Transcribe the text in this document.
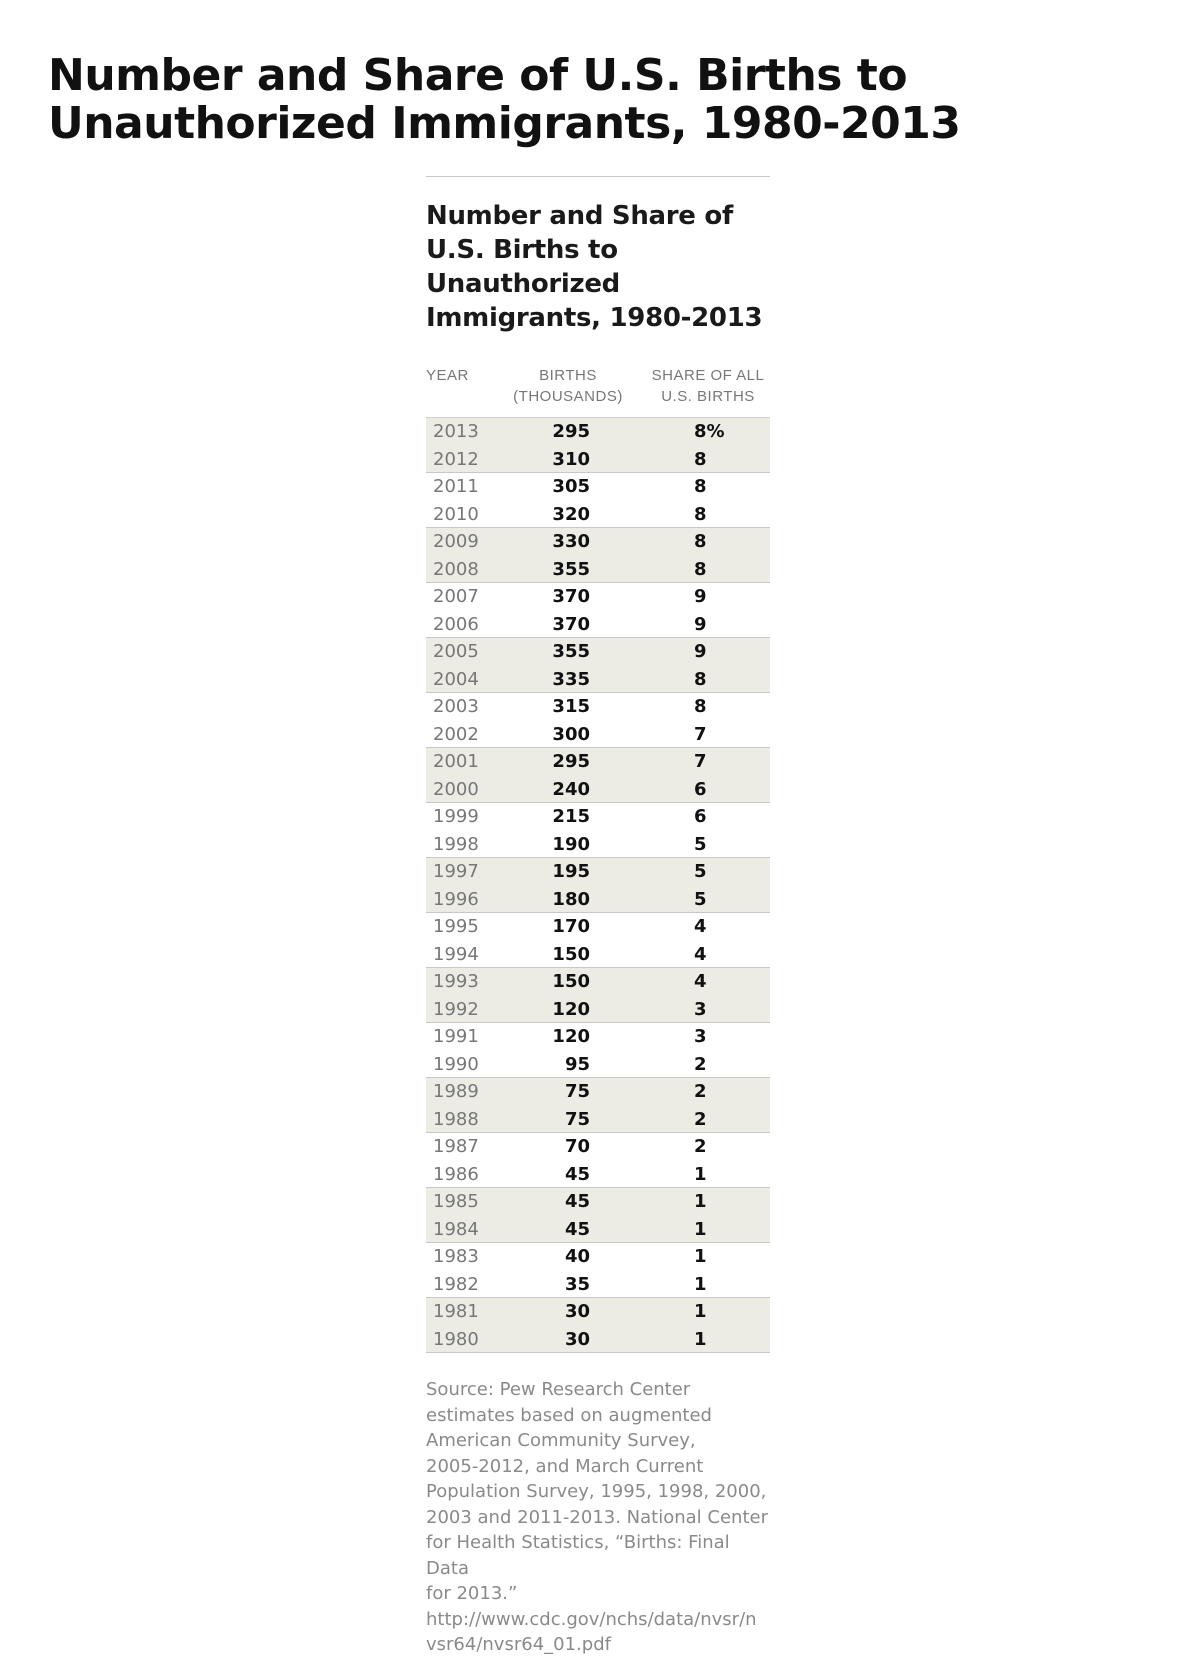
Number and Share of U.S. Births to Unauthorized Immigrants, 1980-2013
Number and Share of U.S. Births to Unauthorized Immigrants, 1980-2013
YEAR	BIRTHS
(THOUSANDS)
SHARE OF ALL
U.S. BIRTHS
2013	295	8%
2012	310	8
2011	305	8
2010	320	8
2009	330	8
2008	355	8
2007	370	9
2006	370	9
2005	355	9
2004	335	8
2003	315	8
2002	300	7
2001	295	7
2000	240	6
1999	215	6
1998	190	5
1997	195	5
1996	180	5
1995	170	4
1994	150	4
1993	150	4
1992	120	3
1991	120	3
1990	95	2
1989	75	2
1988	75	2
1987	70	2
1986	45	1
1985	45	1
1984	45	1
1983	40	1
1982	35	1
1981	30	1
1980	30	1
Source: Pew Research Center
estimates based on augmented
American Community Survey,
2005-2012, and March Current
Population Survey, 1995, 1998, 2000,
2003 and 2011-2013. National Center
for Health Statistics, “Births: Final Data
for 2013.”
http://www.cdc.gov/nchs/data/nvsr/n
vsr64/nvsr64_01.pdf
